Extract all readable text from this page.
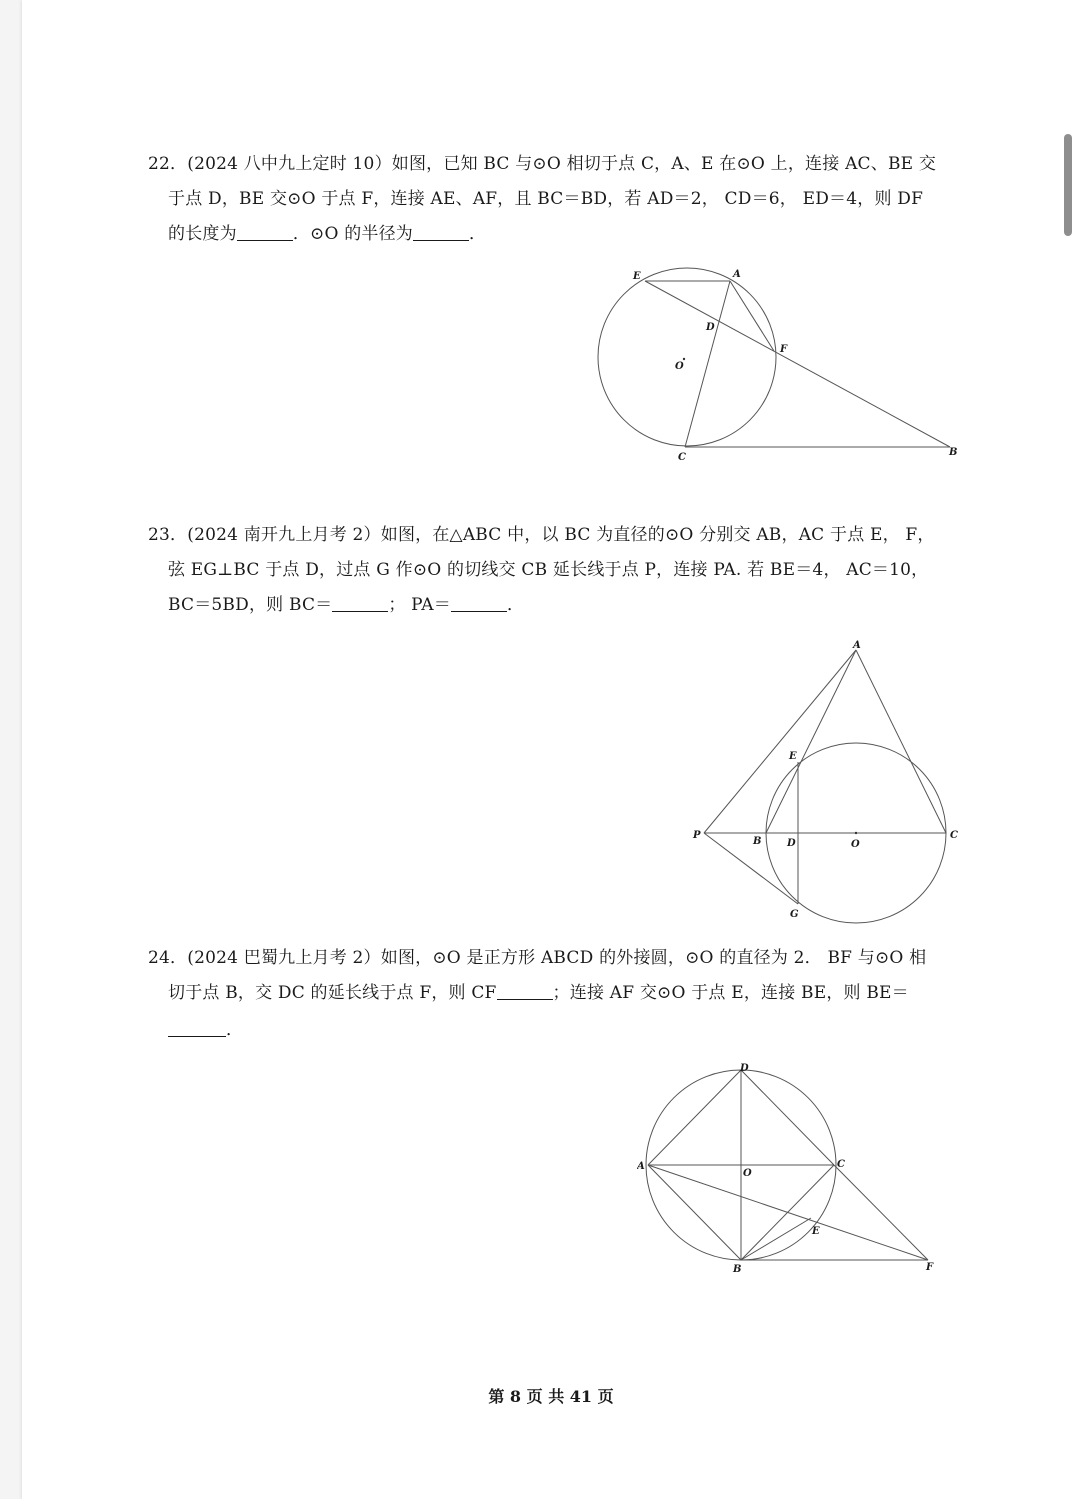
22．(2024 八中九上定时 10）如图，已知 BC 与⊙O 相切于点 C，A、E 在⊙O 上，连接 AC、BE 交
于点 D，BE 交⊙O 于点 F，连接 AE、AF，且 BC＝BD，若 AD＝2， CD＝6， ED＝4，则 DF
的长度为	．⊙O 的半径为	．
E	A
D
F
O
C	B
23．(2024 南开九上月考 2）如图，在△ABC 中，以 BC 为直径的⊙O 分别交 AB，AC 于点 E， F，
弦 EG⊥BC 于点 D，过点 G 作⊙O 的切线交 CB 延长线于点 P，连接 PA. 若 BE＝4， AC＝10，
BC＝5BD，则 BC＝	； PA＝	．
A
E
P
B	D	O
C
G
24．(2024 巴蜀九上月考 2）如图，⊙O 是正方形 ABCD 的外接圆，⊙O 的直径为 2． BF 与⊙O 相
切于点 B，交 DC 的延长线于点 F，则 CF	；连接 AF 交⊙O 于点 E，连接 BE，则 BE＝
．
D
A
O
C
E
B	F
第 8 页 共 41 页
